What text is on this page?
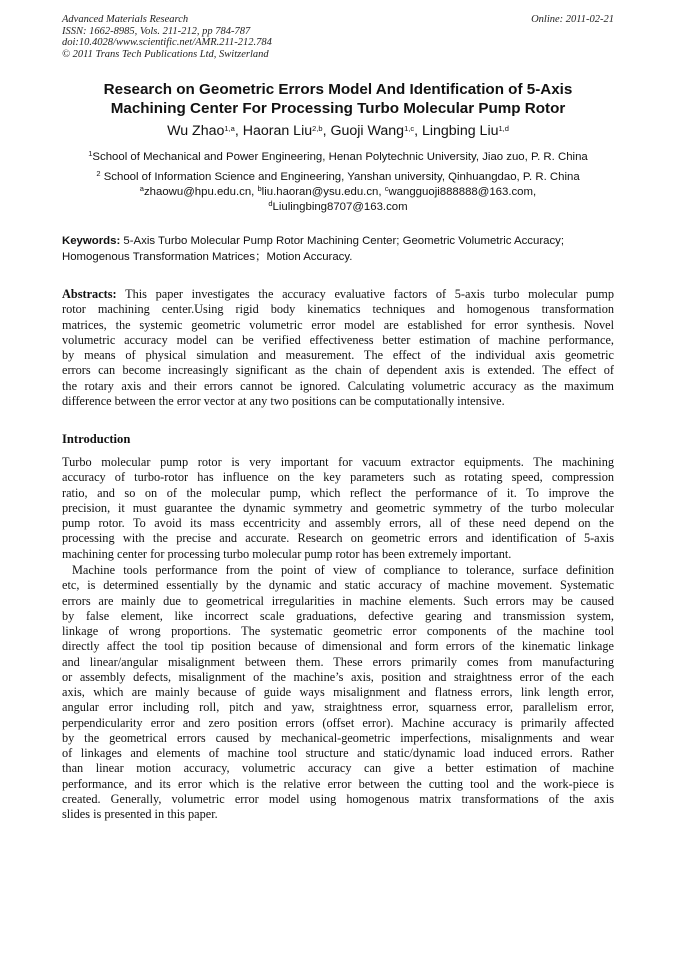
Advanced Materials Research
ISSN: 1662-8985, Vols. 211-212, pp 784-787
doi:10.4028/www.scientific.net/AMR.211-212.784
© 2011 Trans Tech Publications Ltd, Switzerland
Online: 2011-02-21
Research on Geometric Errors Model And Identification of 5-Axis
Machining Center For Processing Turbo Molecular Pump Rotor
Wu Zhao$^{1,a}$, Haoran Liu$^{2,b}$, Guoji Wang$^{1,c}$, Lingbing Liu$^{1,d}$
$^1$School of Mechanical and Power Engineering, Henan Polytechnic University, Jiao zuo, P. R. China
$^2$ School of Information Science and Engineering, Yanshan university, Qinhuangdao, P. R. China
$^a$zhaowu@hpu.edu.cn, $^b$liu.haoran@ysu.edu.cn, $^c$wangguoji888888@163.com,
$^d$Liulingbing8707@163.com
Keywords: 5-Axis Turbo Molecular Pump Rotor Machining Center; Geometric Volumetric Accuracy;
Homogenous Transformation Matrices；Motion Accuracy.
Abstracts: This paper investigates the accuracy evaluative factors of 5-axis turbo molecular pump
rotor machining center.Using rigid body kinematics techniques and homogenous transformation
matrices, the systemic geometric volumetric error model are established for error synthesis. Novel
volumetric accuracy model can be verified effectiveness better estimation of machine performance,
by means of physical simulation and measurement. The effect of the individual axis geometric
errors can become increasingly significant as the chain of dependent axis is extended. The effect of
the rotary axis and their errors cannot be ignored. Calculating volumetric accuracy as the maximum
difference between the error vector at any two positions can be computationally intensive.
Introduction
Turbo molecular pump rotor is very important for vacuum extractor equipments. The machining
accuracy of turbo-rotor has influence on the key parameters such as rotating speed, compression
ratio, and so on of the molecular pump, which reflect the performance of it. To improve the
precision, it must guarantee the dynamic symmetry and geometric symmetry of the turbo molecular
pump rotor. To avoid its mass eccentricity and assembly errors, all of these need depend on the
processing with the precise and accurate. Research on geometric errors and identification of 5-axis
machining center for processing turbo molecular pump rotor has been extremely important.
Machine tools performance from the point of view of compliance to tolerance, surface definition
etc, is determined essentially by the dynamic and static accuracy of machine movement. Systematic
errors are mainly due to geometrical irregularities in machine elements. Such errors may be caused
by false element, like incorrect scale graduations, defective gearing and transmission system,
linkage of wrong proportions. The systematic geometric error components of the machine tool
directly affect the tool tip position because of dimensional and form errors of the kinematic linkage
and linear/angular misalignment between them. These errors primarily comes from manufacturing
or assembly defects, misalignment of the machine’s axis, position and straightness error of the each
axis, which are mainly because of guide ways misalignment and flatness errors, link length error,
angular error including roll, pitch and yaw, straightness error, squarness error, parallelism error,
perpendicularity error and zero position errors (offset error). Machine accuracy is primarily affected
by the geometrical errors caused by mechanical-geometric imperfections, misalignments and wear
of linkages and elements of machine tool structure and static/dynamic load induced errors. Rather
than linear motion accuracy, volumetric accuracy can give a better estimation of machine
performance, and its error which is the relative error between the cutting tool and the work-piece is
created. Generally, volumetric error model using homogenous matrix transformations of the axis
slides is presented in this paper.
